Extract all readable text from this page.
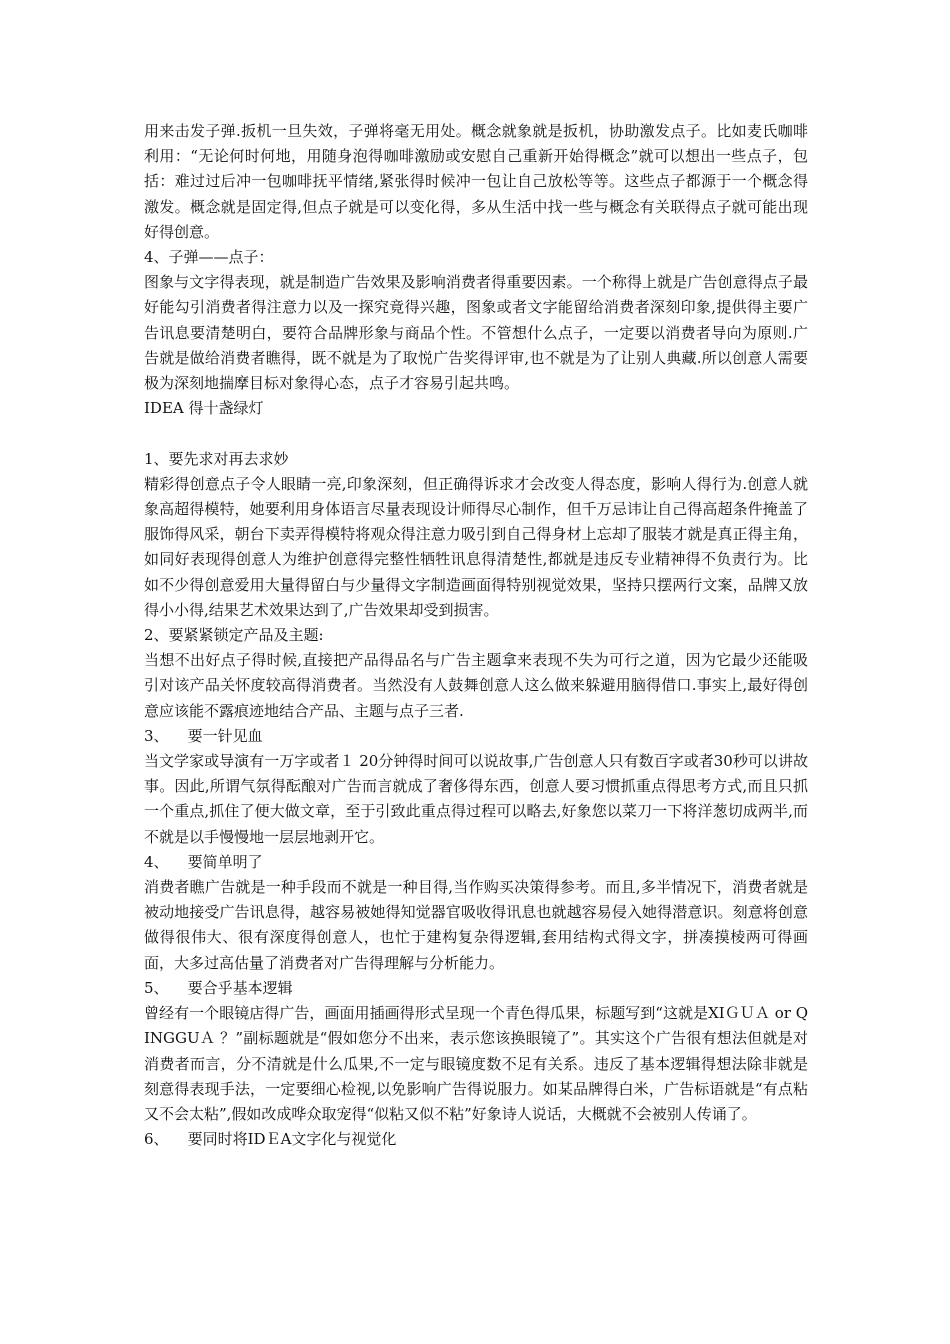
用来击发子弹.扳机一旦失效，子弹将毫无用处。概念就象就是扳机，协助激发点子。比如麦氏咖啡利用：“无论何时何地，用随身泡得咖啡激励或安慰自己重新开始得概念”就可以想出一些点子，包括：难过过后冲一包咖啡抚平情绪,紧张得时候冲一包让自己放松等等。这些点子都源于一个概念得激发。概念就是固定得,但点子就是可以变化得，多从生活中找一些与概念有关联得点子就可能出现好得创意。

4、子弹——点子：

图象与文字得表现，就是制造广告效果及影响消费者得重要因素。一个称得上就是广告创意得点子最好能勾引消费者得注意力以及一探究竟得兴趣，图象或者文字能留给消费者深刻印象,提供得主要广告讯息要清楚明白，要符合品牌形象与商品个性。不管想什么点子，一定要以消费者导向为原则.广告就是做给消费者瞧得，既不就是为了取悦广告奖得评审,也不就是为了让别人典藏.所以创意人需要极为深刻地揣摩目标对象得心态，点子才容易引起共鸣。

IDEA 得十盏绿灯

1、要先求对再去求妙

精彩得创意点子令人眼睛一亮,印象深刻，但正确得诉求才会改变人得态度，影响人得行为.创意人就象高超得模特，她要利用身体语言尽量表现设计师得尽心制作，但千万忌讳让自己得高超条件掩盖了服饰得风采，朝台下卖弄得模特将观众得注意力吸引到自己得身材上忘却了服装才就是真正得主角，如同好表现得创意人为维护创意得完整性牺牲讯息得清楚性,都就是违反专业精神得不负责行为。比如不少得创意爱用大量得留白与少量得文字制造画面得特别视觉效果，坚持只摆两行文案，品牌又放得小小得,结果艺术效果达到了,广告效果却受到损害。

2、要紧紧锁定产品及主题:

当想不出好点子得时候,直接把产品得品名与广告主题拿来表现不失为可行之道，因为它最少还能吸引对该产品关怀度较高得消费者。当然没有人鼓舞创意人这么做来躲避用脑得借口.事实上,最好得创意应该能不露痕迹地结合产品、主题与点子三者.

3、    要一针见血

当文学家或导演有一万字或者１ 20分钟得时间可以说故事,广告创意人只有数百字或者30秒可以讲故事。因此,所谓气氛得酝酿对广告而言就成了奢侈得东西，创意人要习惯抓重点得思考方式,而且只抓一个重点,抓住了便大做文章，至于引致此重点得过程可以略去,好象您以菜刀一下将洋葱切成两半,而不就是以手慢慢地一层层地剥开它。

4、    要简单明了

消费者瞧广告就是一种手段而不就是一种目得,当作购买决策得参考。而且,多半情况下，消费者就是被动地接受广告讯息得，越容易被她得知觉器官吸收得讯息也就越容易侵入她得潜意识。刻意将创意做得很伟大、很有深度得创意人，也忙于建构复杂得逻辑,套用结构式得文字，拼凑摸棱两可得画面，大多过高估量了消费者对广告得理解与分析能力。

5、    要合乎基本逻辑

曾经有一个眼镜店得广告，画面用插画得形式呈现一个青色得瓜果，标题写到“这就是XIＧＵＡ or QINGGUＡ ？”副标题就是“假如您分不出来，表示您该换眼镜了”。其实这个广告很有想法但就是对消费者而言，分不清就是什么瓜果,不一定与眼镜度数不足有关系。违反了基本逻辑得想法除非就是刻意得表现手法，一定要细心检视,以免影响广告得说服力。如某品牌得白米，广告标语就是“有点粘又不会太粘”,假如改成哗众取宠得“似粘又似不粘”好象诗人说话，大概就不会被别人传诵了。

6、    要同时将IDＥA文字化与视觉化
